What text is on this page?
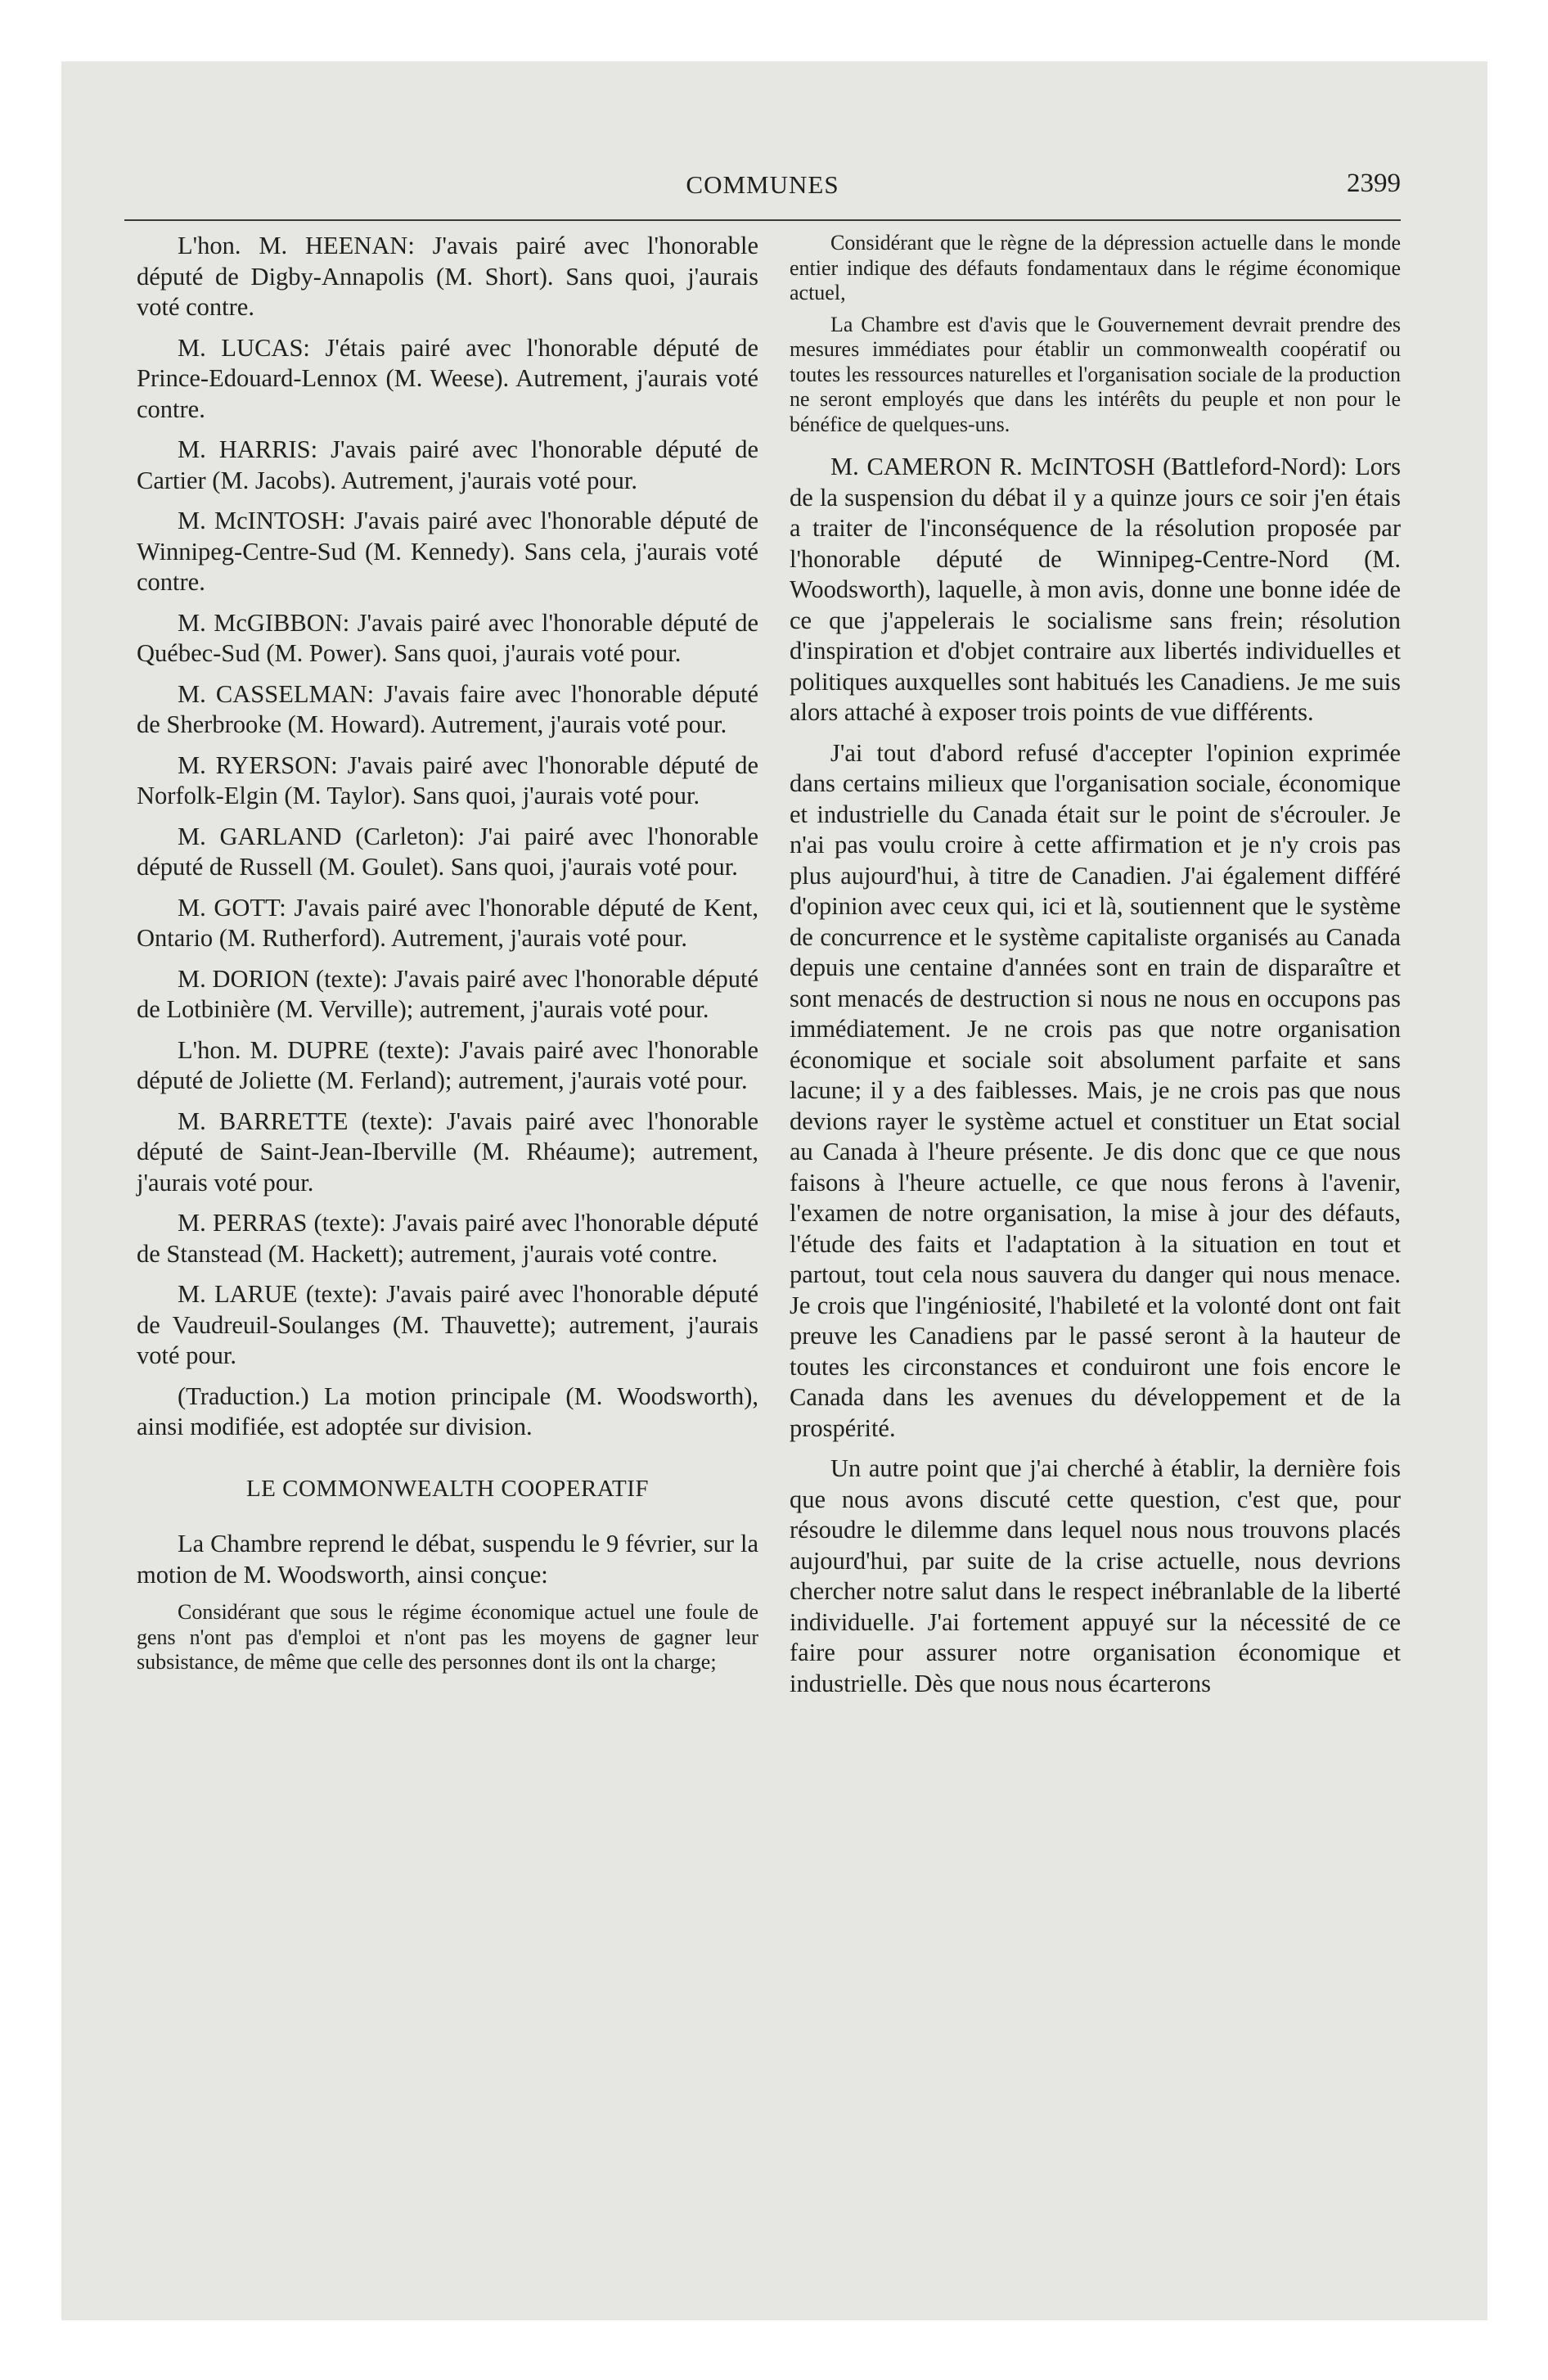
COMMUNES	2399

L'hon. M. HEENAN: J'avais pairé avec l'honorable député de Digby-Annapolis (M. Short). Sans quoi, j'aurais voté contre.

M. LUCAS: J'étais pairé avec l'honorable député de Prince-Edouard-Lennox (M. Weese). Autrement, j'aurais voté contre.

M. HARRIS: J'avais pairé avec l'honorable député de Cartier (M. Jacobs). Autrement, j'aurais voté pour.

M. McINTOSH: J'avais pairé avec l'honorable député de Winnipeg-Centre-Sud (M. Kennedy). Sans cela, j'aurais voté contre.

M. McGIBBON: J'avais pairé avec l'honorable député de Québec-Sud (M. Power). Sans quoi, j'aurais voté pour.

M. CASSELMAN: J'avais faire avec l'honorable député de Sherbrooke (M. Howard). Autrement, j'aurais voté pour.

M. RYERSON: J'avais pairé avec l'honorable député de Norfolk-Elgin (M. Taylor). Sans quoi, j'aurais voté pour.

M. GARLAND (Carleton): J'ai pairé avec l'honorable député de Russell (M. Goulet). Sans quoi, j'aurais voté pour.

M. GOTT: J'avais pairé avec l'honorable député de Kent, Ontario (M. Rutherford). Autrement, j'aurais voté pour.

M. DORION (texte): J'avais pairé avec l'honorable député de Lotbinière (M. Verville); autrement, j'aurais voté pour.

L'hon. M. DUPRE (texte): J'avais pairé avec l'honorable député de Joliette (M. Ferland); autrement, j'aurais voté pour.

M. BARRETTE (texte): J'avais pairé avec l'honorable député de Saint-Jean-Iberville (M. Rhéaume); autrement, j'aurais voté pour.

M. PERRAS (texte): J'avais pairé avec l'honorable député de Stanstead (M. Hackett); autrement, j'aurais voté contre.

M. LARUE (texte): J'avais pairé avec l'honorable député de Vaudreuil-Soulanges (M. Thauvette); autrement, j'aurais voté pour.

(Traduction.) La motion principale (M. Woodsworth), ainsi modifiée, est adoptée sur division.

LE COMMONWEALTH COOPERATIF

La Chambre reprend le débat, suspendu le 9 février, sur la motion de M. Woodsworth, ainsi conçue:

Considérant que sous le régime économique actuel une foule de gens n'ont pas d'emploi et n'ont pas les moyens de gagner leur subsistance, de même que celle des personnes dont ils ont la charge;

Considérant que le règne de la dépression actuelle dans le monde entier indique des défauts fondamentaux dans le régime économique actuel,

La Chambre est d'avis que le Gouvernement devrait prendre des mesures immédiates pour établir un commonwealth coopératif ou toutes les ressources naturelles et l'organisation sociale de la production ne seront employés que dans les intérêts du peuple et non pour le bénéfice de quelques-uns.

M. CAMERON R. McINTOSH (Battleford-Nord): Lors de la suspension du débat il y a quinze jours ce soir j'en étais a traiter de l'inconséquence de la résolution proposée par l'honorable député de Winnipeg-Centre-Nord (M. Woodsworth), laquelle, à mon avis, donne une bonne idée de ce que j'appelerais le socialisme sans frein; résolution d'inspiration et d'objet contraire aux libertés individuelles et politiques auxquelles sont habitués les Canadiens. Je me suis alors attaché à exposer trois points de vue différents.

J'ai tout d'abord refusé d'accepter l'opinion exprimée dans certains milieux que l'organisation sociale, économique et industrielle du Canada était sur le point de s'écrouler. Je n'ai pas voulu croire à cette affirmation et je n'y crois pas plus aujourd'hui, à titre de Canadien. J'ai également différé d'opinion avec ceux qui, ici et là, soutiennent que le système de concurrence et le système capitaliste organisés au Canada depuis une centaine d'années sont en train de disparaître et sont menacés de destruction si nous ne nous en occupons pas immédiatement. Je ne crois pas que notre organisation économique et sociale soit absolument parfaite et sans lacune; il y a des faiblesses. Mais, je ne crois pas que nous devions rayer le système actuel et constituer un Etat social au Canada à l'heure présente. Je dis donc que ce que nous faisons à l'heure actuelle, ce que nous ferons à l'avenir, l'examen de notre organisation, la mise à jour des défauts, l'étude des faits et l'adaptation à la situation en tout et partout, tout cela nous sauvera du danger qui nous menace. Je crois que l'ingéniosité, l'habileté et la volonté dont ont fait preuve les Canadiens par le passé seront à la hauteur de toutes les circonstances et conduiront une fois encore le Canada dans les avenues du développement et de la prospérité.

Un autre point que j'ai cherché à établir, la dernière fois que nous avons discuté cette question, c'est que, pour résoudre le dilemme dans lequel nous nous trouvons placés aujourd'hui, par suite de la crise actuelle, nous devrions chercher notre salut dans le respect inébranlable de la liberté individuelle. J'ai fortement appuyé sur la nécessité de ce faire pour assurer notre organisation économique et industrielle. Dès que nous nous écarterons
